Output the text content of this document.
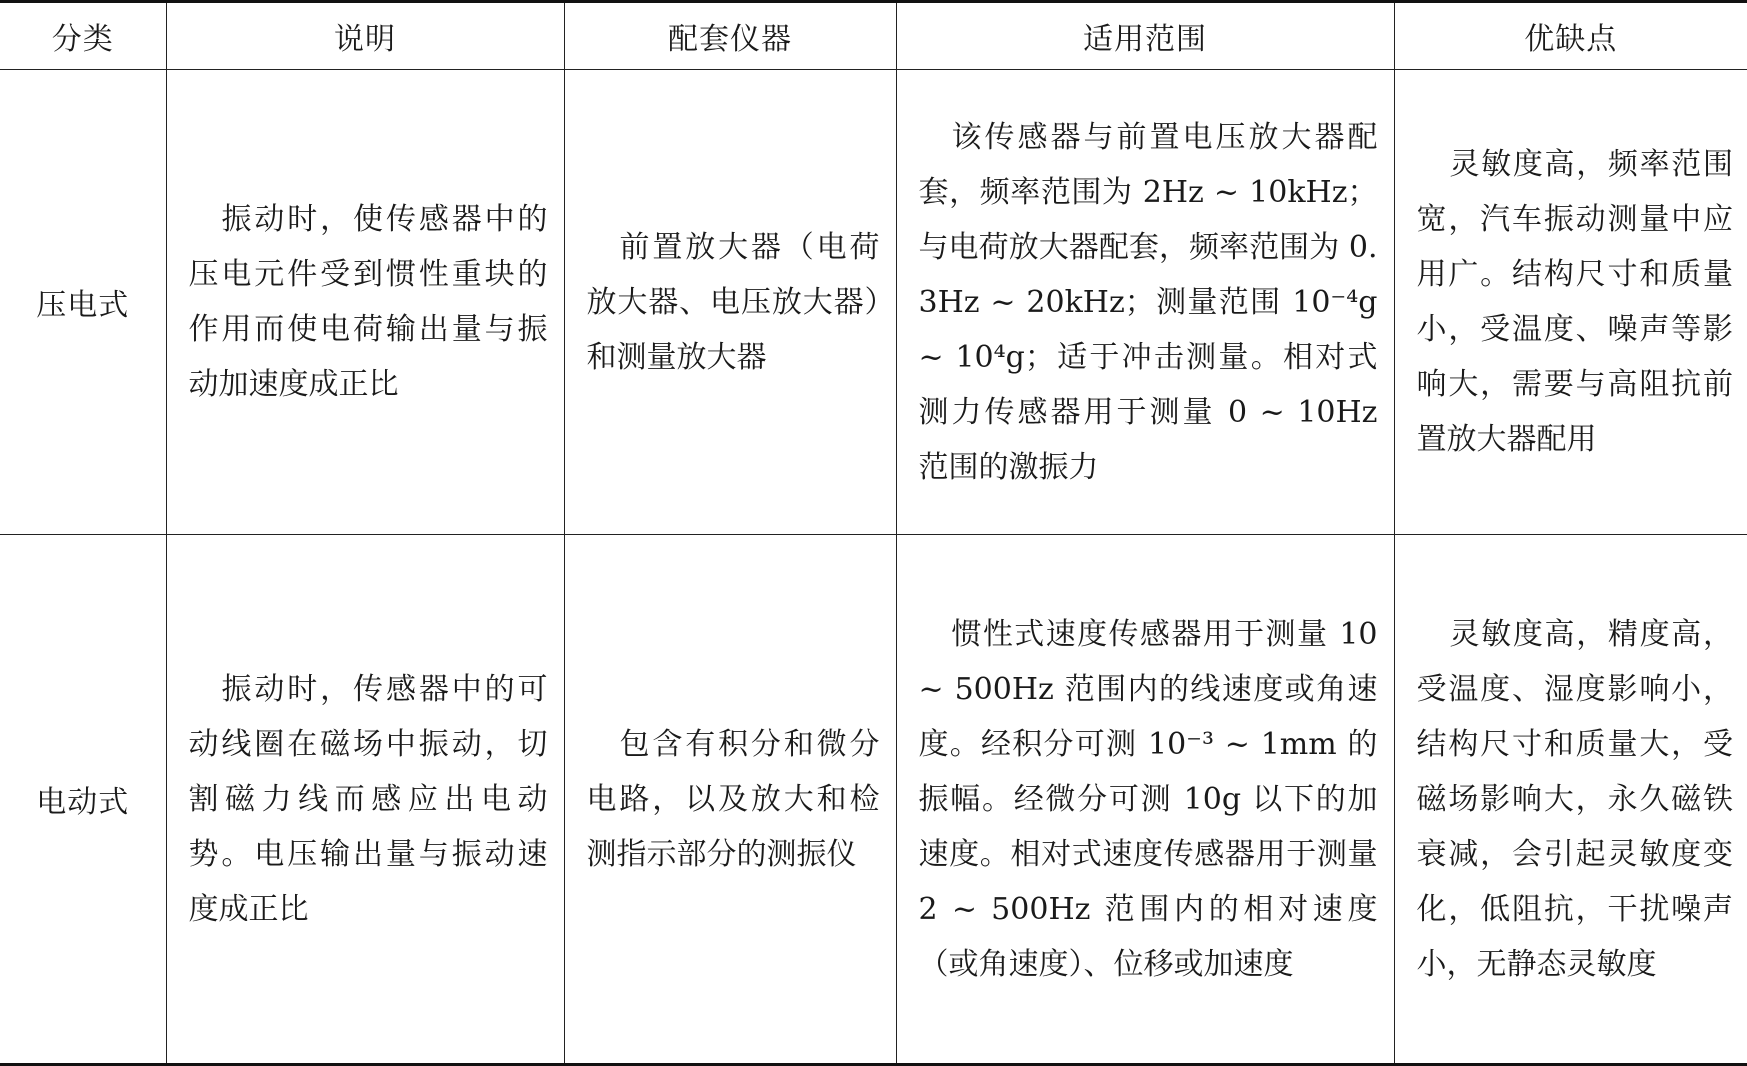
分类	说明	配套仪器	适用范围	优缺点
压电式	振动时，使传感器中的压电元件受到惯性重块的作用而使电荷输出量与振动加速度成正比	前置放大器（电荷放大器、电压放大器）和测量放大器	该传感器与前置电压放大器配套，频率范围为 2Hz ~ 10kHz；与电荷放大器配套，频率范围为 0.3Hz ~ 20kHz；测量范围 10⁻⁴g ~ 10⁴g；适于冲击测量。相对式测力传感器用于测量 0 ~ 10Hz 范围的激振力	灵敏度高，频率范围宽，汽车振动测量中应用广。结构尺寸和质量小，受温度、噪声等影响大，需要与高阻抗前置放大器配用

电动式	振动时，传感器中的可动线圈在磁场中振动，切割磁力线而感应出电动势。电压输出量与振动速度成正比	包含有积分和微分电路，以及放大和检测指示部分的测振仪	惯性式速度传感器用于测量 10 ~ 500Hz 范围内的线速度或角速度。经积分可测 10⁻³ ~ 1mm 的振幅。经微分可测 10g 以下的加速度。相对式速度传感器用于测量 2 ~ 500Hz 范围内的相对速度（或角速度）、位移或加速度	灵敏度高，精度高，受温度、湿度影响小，结构尺寸和质量大，受磁场影响大，永久磁铁衰减，会引起灵敏度变化，低阻抗，干扰噪声小，无静态灵敏度
